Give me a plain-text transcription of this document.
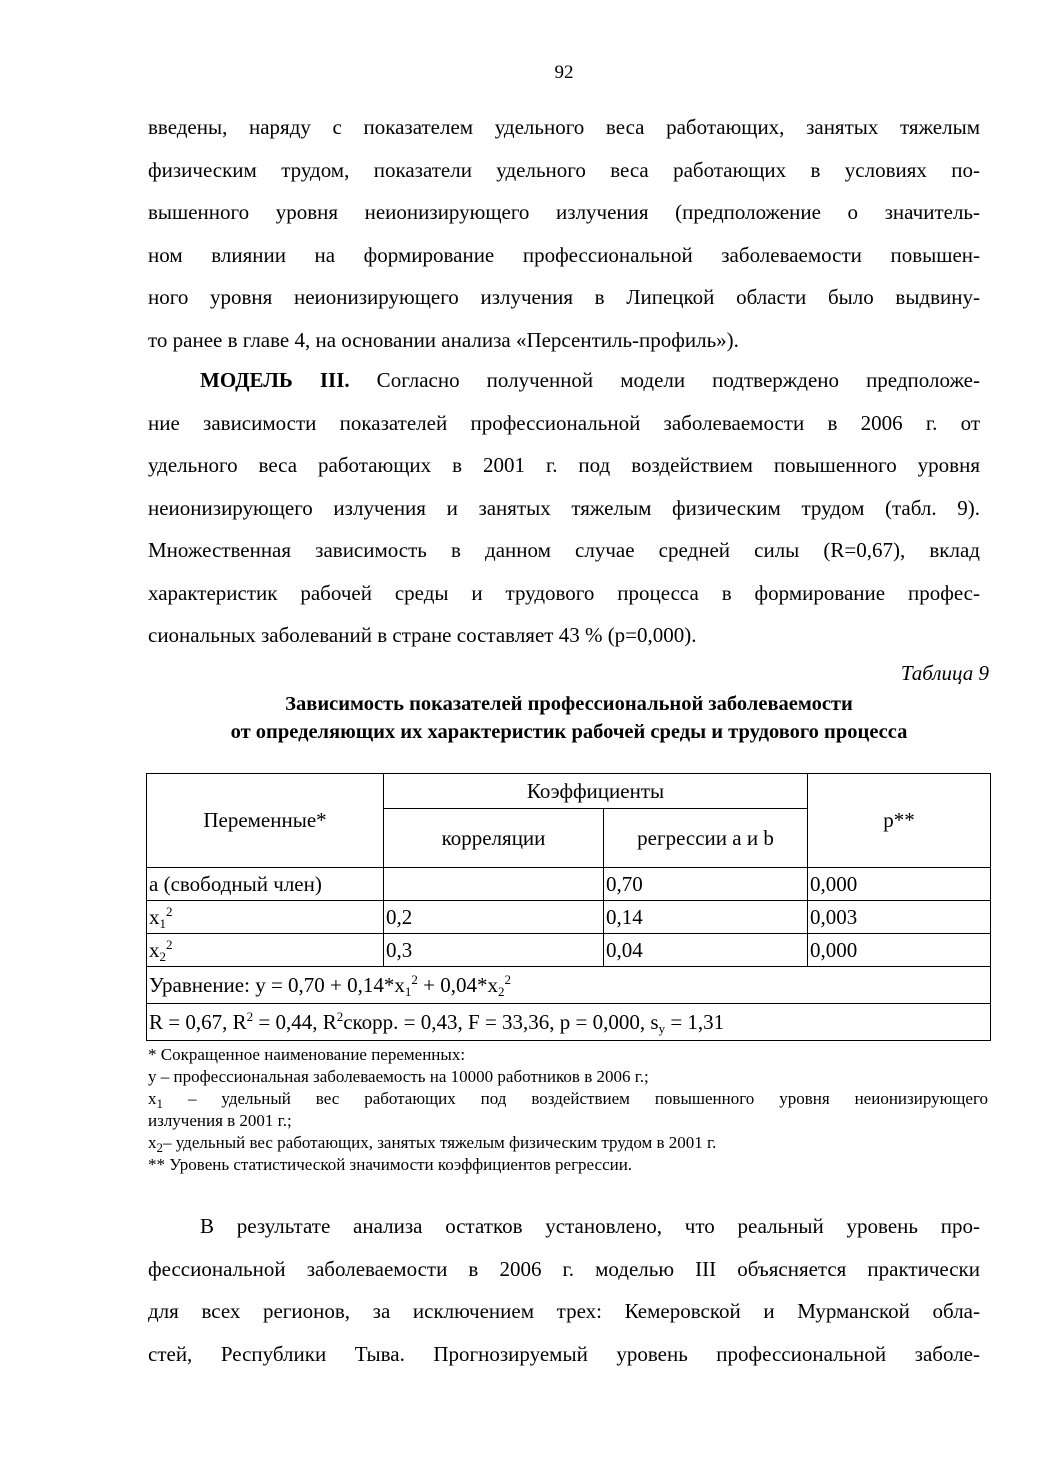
92
введены, наряду с показателем удельного веса работающих, занятых тяжелым
физическим трудом, показатели удельного веса работающих в условиях по-
вышенного уровня неионизирующего излучения (предположение о значитель-
ном влиянии на формирование профессиональной заболеваемости повышен-
ного уровня неионизирующего излучения в Липецкой области было выдвину-
то ранее в главе 4, на основании анализа «Персентиль-профиль»).
МОДЕЛЬ III. Согласно полученной модели подтверждено предположе-
ние зависимости показателей профессиональной заболеваемости в 2006 г. от
удельного веса работающих в 2001 г. под воздействием повышенного уровня
неионизирующего излучения и занятых тяжелым физическим трудом (табл. 9).
Множественная зависимость в данном случае средней силы (R=0,67), вклад
характеристик рабочей среды и трудового процесса в формирование профес-
сиональных заболеваний в стране составляет 43 % (p=0,000).
Таблица 9
Зависимость показателей профессиональной заболеваемости
от определяющих их характеристик рабочей среды и трудового процесса
Переменные*	Коэффициенты		p**
	корреляции	регрессии a и b	
a (свободный член)		0,70	0,000
$x_1^2$	0,2	0,14	0,003
$x_2^2$	0,3	0,04	0,000
Уравнение: $y = 0,70 + 0,14*x_1^2 + 0,04*x_2^2$
R = 0,67, $R^2 = 0,44$, $R^2скорр$. = 0,43, F = 33,36, p = 0,000, $s_y = 1,31$			
* Сокращенное наименование переменных:
y – профессиональная заболеваемость на 10000 работников в 2006 г.;
$x_1$ – удельный вес работающих под воздействием повышенного уровня неионизирующего
излучения в 2001 г.;
$x_2-$ удельный вес работающих, занятых тяжелым физическим трудом в 2001 г.
** Уровень статистической значимости коэффициентов регрессии.
В результате анализа остатков установлено, что реальный уровень про-
фессиональной заболеваемости в 2006 г. моделью III объясняется практически
для всех регионов, за исключением трех: Кемеровской и Мурманской обла-
стей, Республики Тыва. Прогнозируемый уровень профессиональной заболе-
